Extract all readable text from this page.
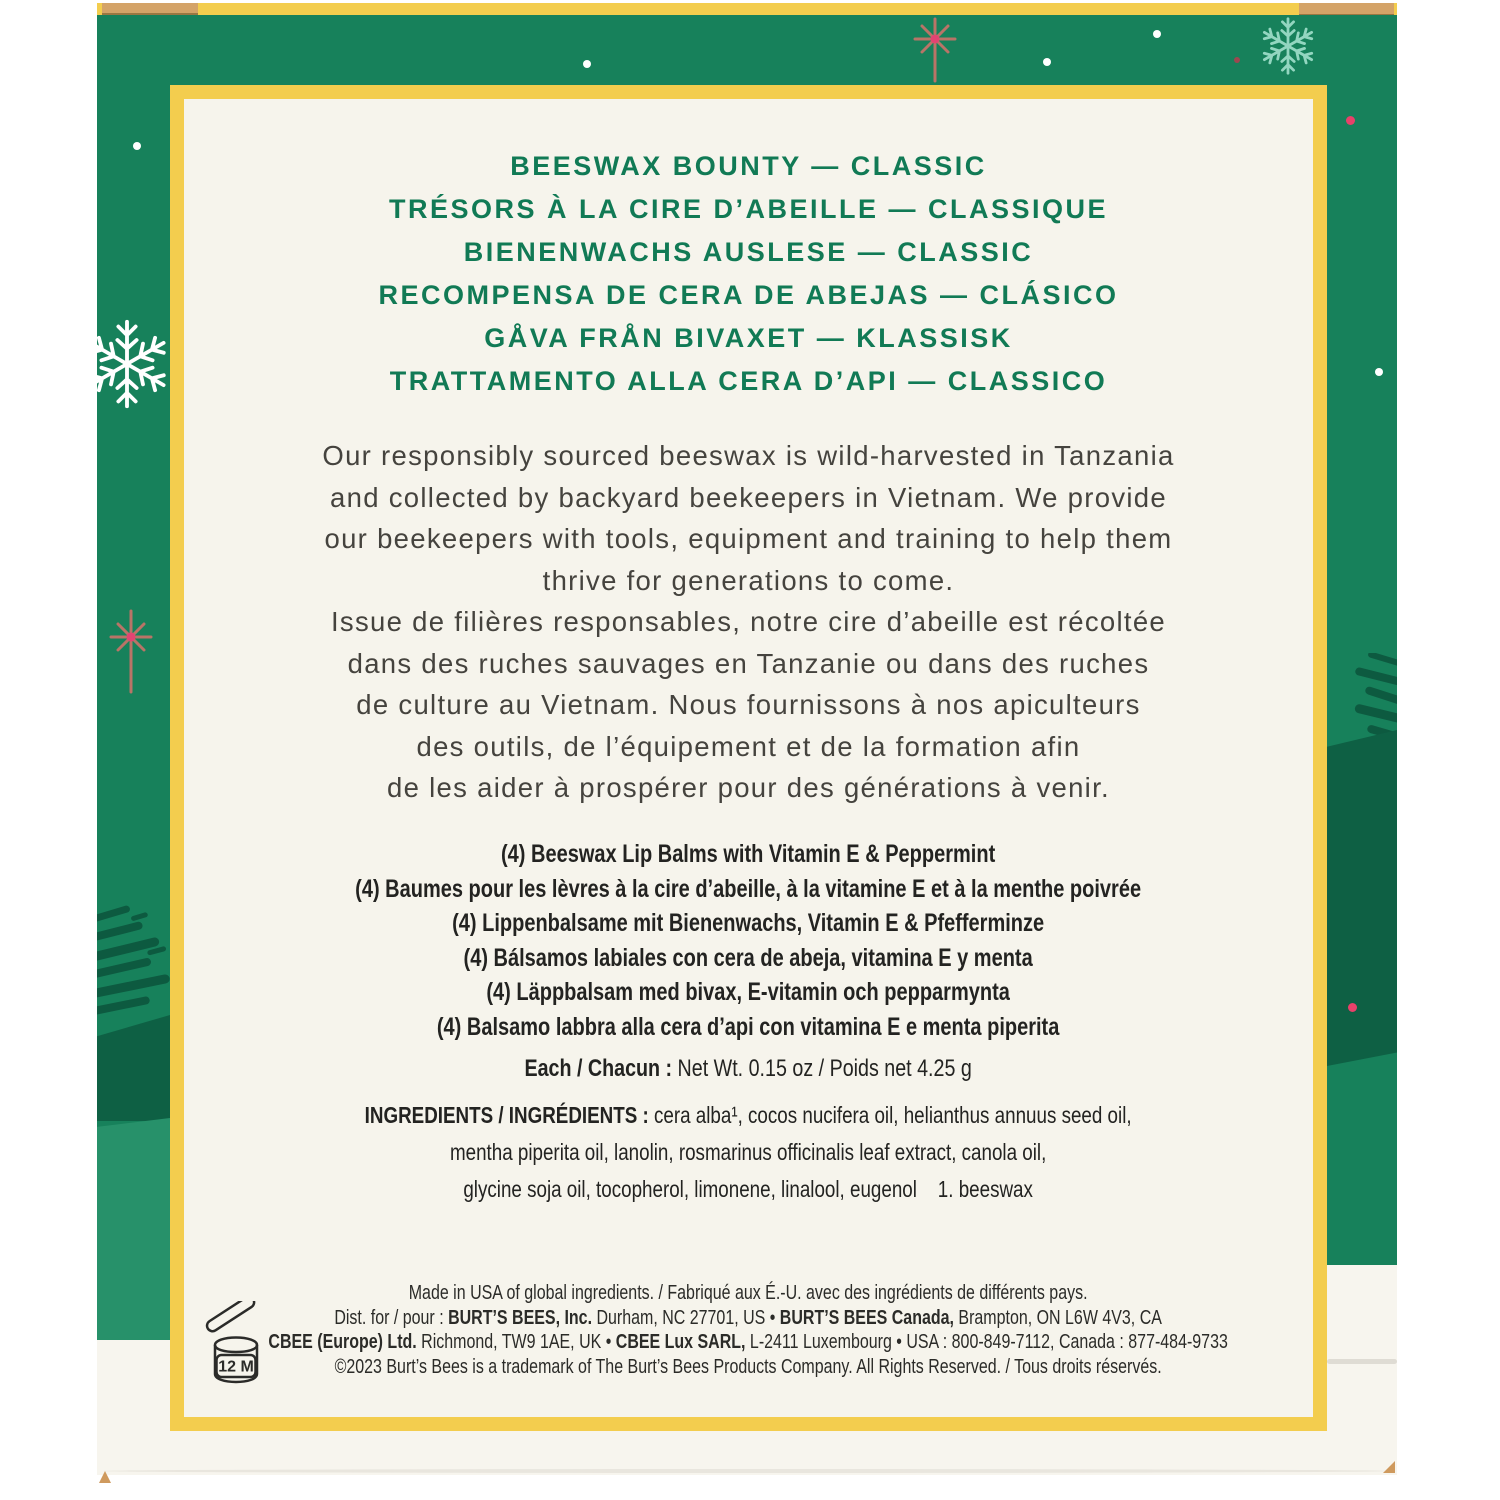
BEESWAX BOUNTY — CLASSIC
TRÉSORS À LA CIRE D’ABEILLE — CLASSIQUE
BIENENWACHS AUSLESE — CLASSIC
RECOMPENSA DE CERA DE ABEJAS — CLÁSICO
GÅVA FRÅN BIVAXET — KLASSISK
TRATTAMENTO ALLA CERA D’API — CLASSICO
Our responsibly sourced beeswax is wild-harvested in Tanzania
and collected by backyard beekeepers in Vietnam. We provide
our beekeepers with tools, equipment and training to help them
thrive for generations to come.
Issue de filières responsables, notre cire d’abeille est récoltée
dans des ruches sauvages en Tanzanie ou dans des ruches
de culture au Vietnam. Nous fournissons à nos apiculteurs
des outils, de l’équipement et de la formation afin
de les aider à prospérer pour des générations à venir.
(4) Beeswax Lip Balms with Vitamin E & Peppermint
(4) Baumes pour les lèvres à la cire d’abeille, à la vitamine E et à la menthe poivrée
(4) Lippenbalsame mit Bienenwachs, Vitamin E & Pfefferminze
(4) Bálsamos labiales con cera de abeja, vitamina E y menta
(4) Läppbalsam med bivax, E-vitamin och pepparmynta
(4) Balsamo labbra alla cera d’api con vitamina E e menta piperita
Each / Chacun : Net Wt. 0.15 oz / Poids net 4.25 g
INGREDIENTS / INGRÉDIENTS : cera alba¹, cocos nucifera oil, helianthus annuus seed oil,
mentha piperita oil, lanolin, rosmarinus officinalis leaf extract, canola oil,
glycine soja oil, tocopherol, limonene, linalool, eugenol    1. beeswax
Made in USA of global ingredients. / Fabriqué aux É.-U. avec des ingrédients de différents pays.
Dist. for / pour : BURT’S BEES, Inc. Durham, NC 27701, US • BURT’S BEES Canada, Brampton, ON L6W 4V3, CA
CBEE (Europe) Ltd. Richmond, TW9 1AE, UK • CBEE Lux SARL, L-2411 Luxembourg • USA : 800-849-7112, Canada : 877-484-9733
©2023 Burt’s Bees is a trademark of The Burt’s Bees Products Company. All Rights Reserved. / Tous droits réservés.
12 M
